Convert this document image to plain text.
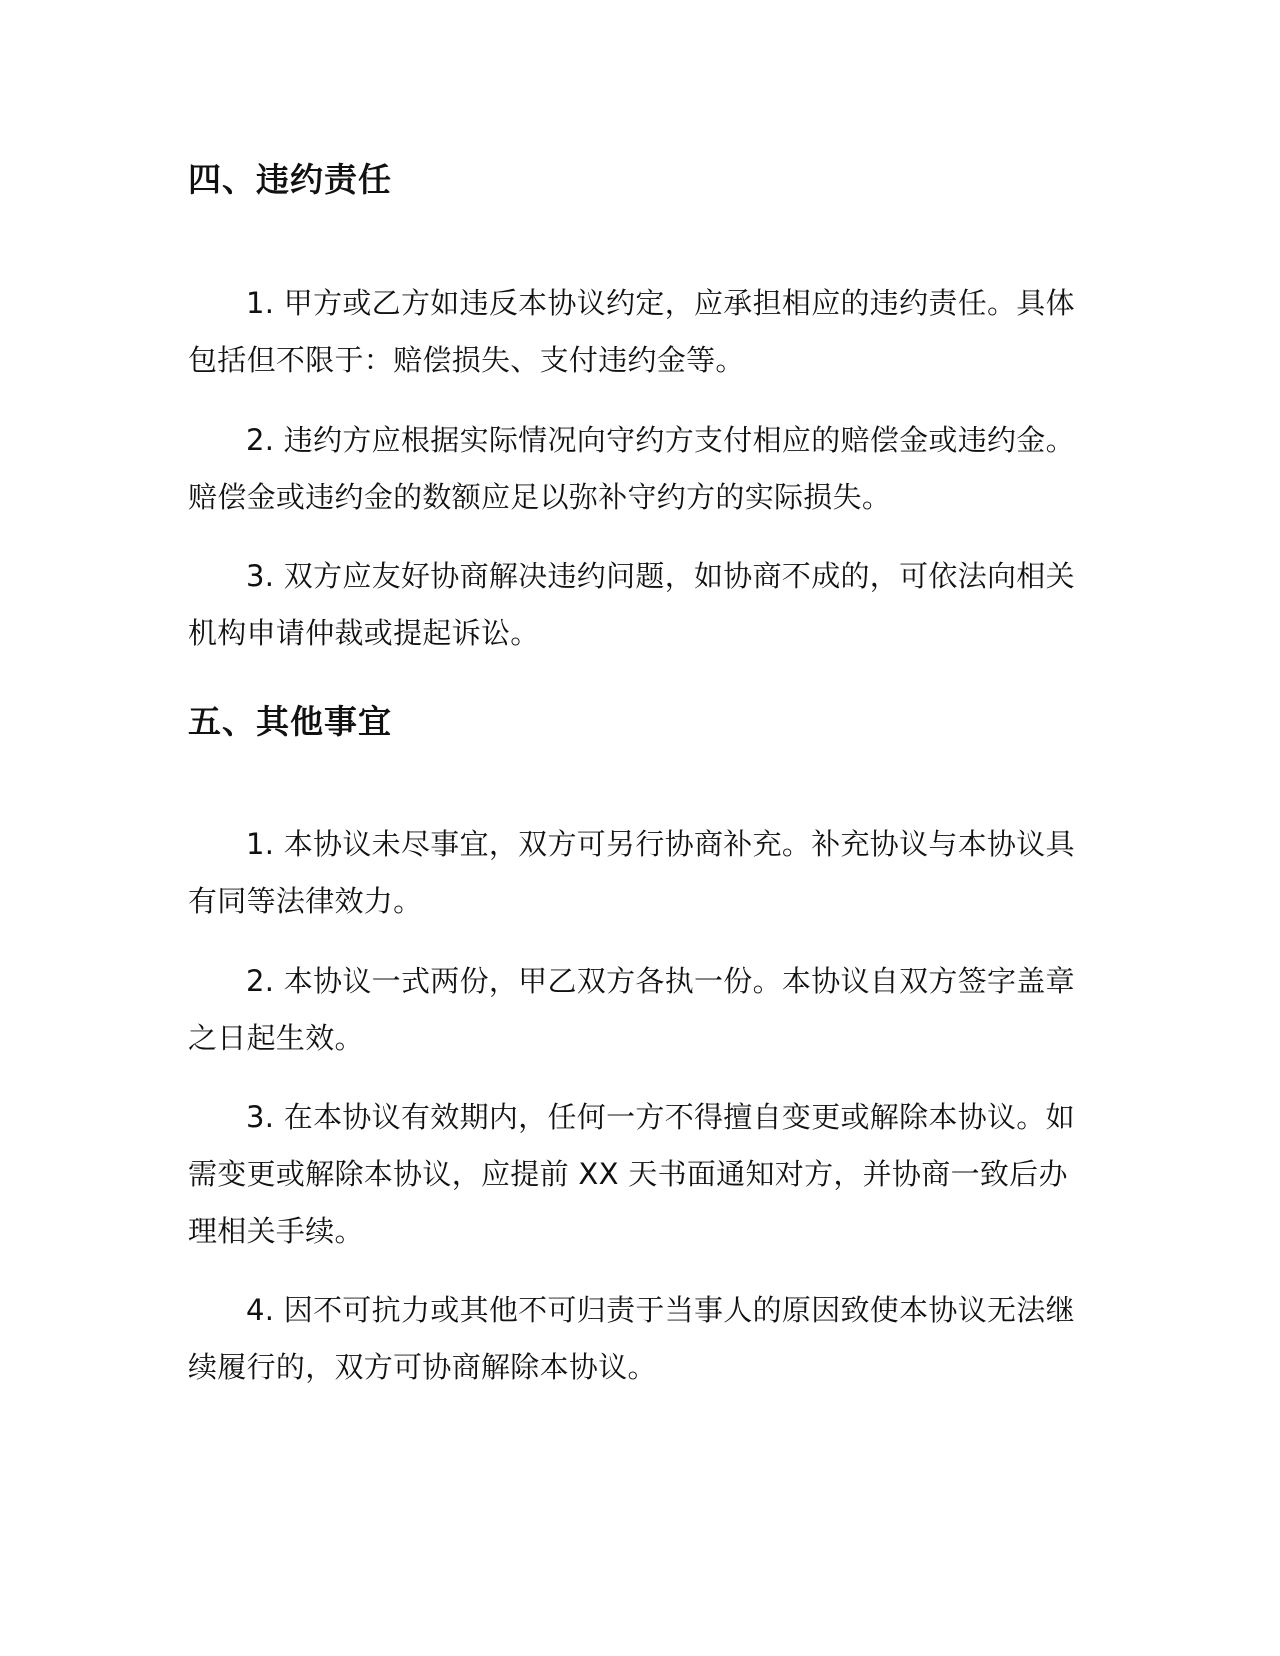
四、违约责任

1. 甲方或乙方如违反本协议约定，应承担相应的违约责任。具体包括但不限于：赔偿损失、支付违约金等。

2. 违约方应根据实际情况向守约方支付相应的赔偿金或违约金。赔偿金或违约金的数额应足以弥补守约方的实际损失。

3. 双方应友好协商解决违约问题，如协商不成的，可依法向相关机构申请仲裁或提起诉讼。

五、其他事宜

1. 本协议未尽事宜，双方可另行协商补充。补充协议与本协议具有同等法律效力。

2. 本协议一式两份，甲乙双方各执一份。本协议自双方签字盖章之日起生效。

3. 在本协议有效期内，任何一方不得擅自变更或解除本协议。如需变更或解除本协议，应提前 XX 天书面通知对方，并协商一致后办理相关手续。

4. 因不可抗力或其他不可归责于当事人的原因致使本协议无法继续履行的，双方可协商解除本协议。
